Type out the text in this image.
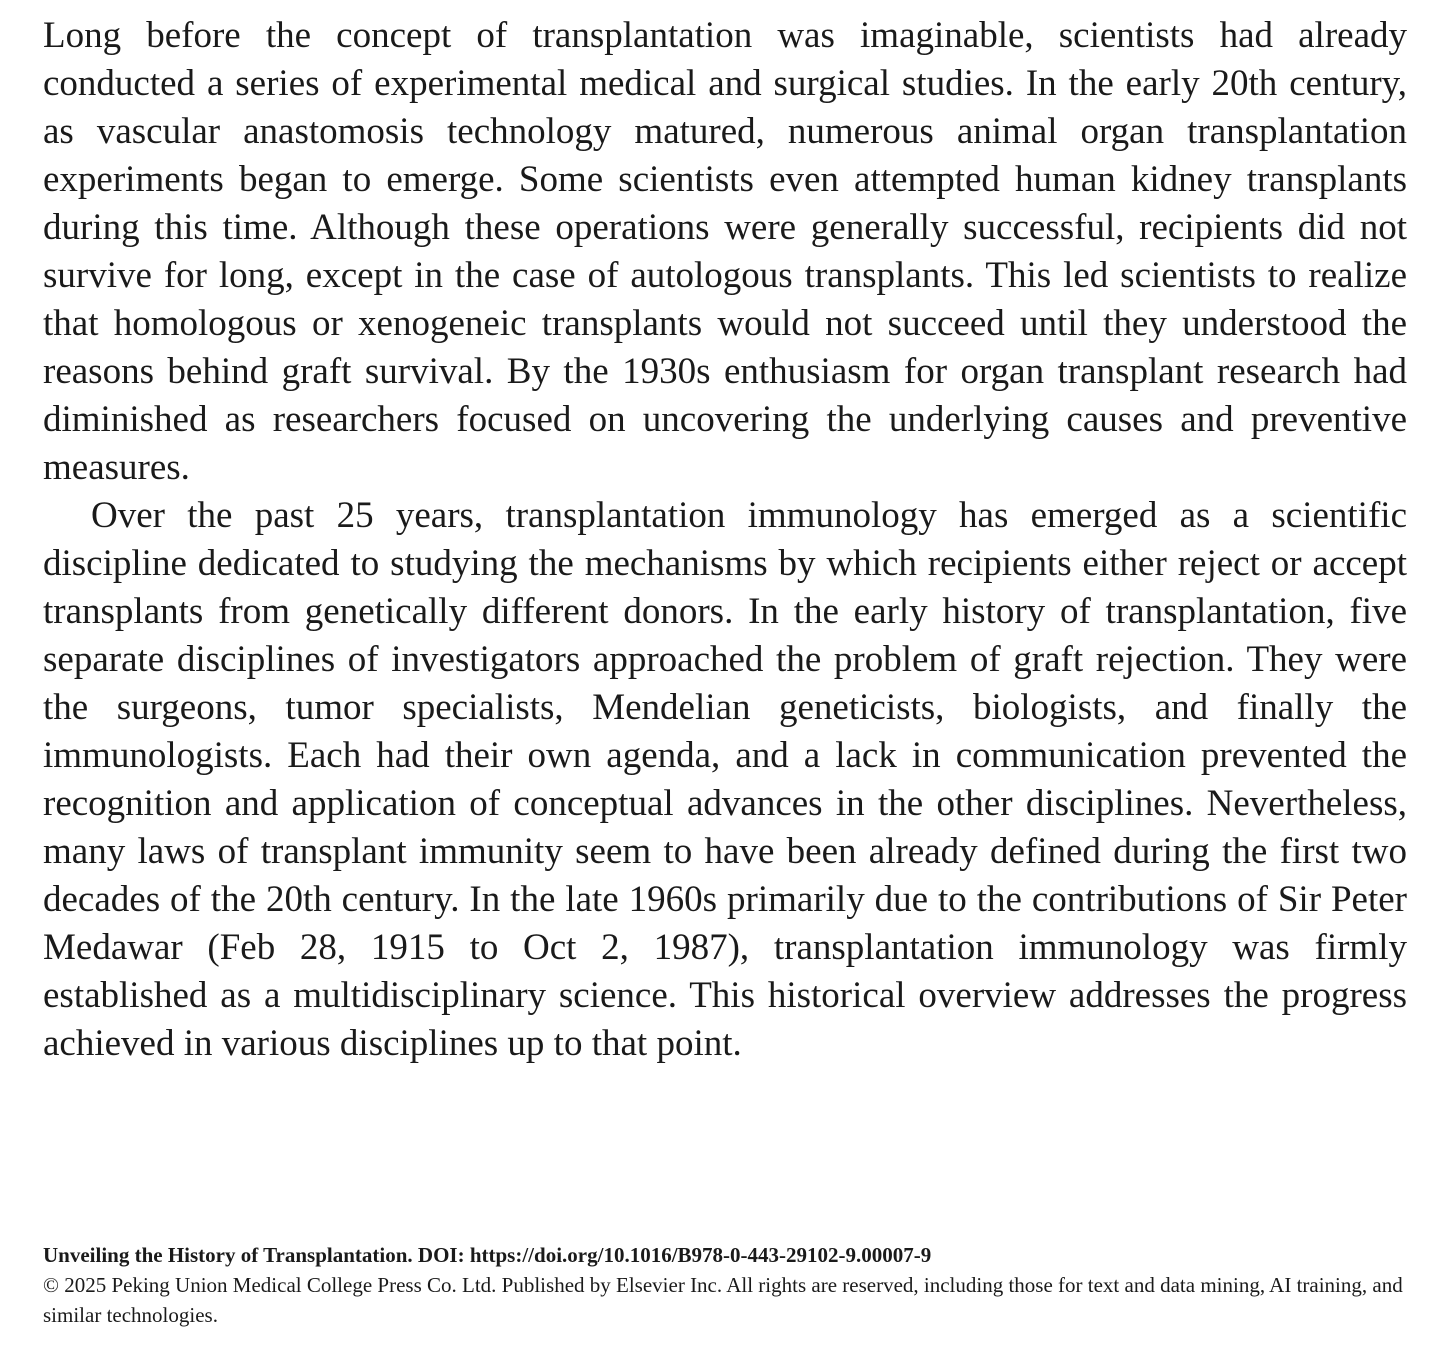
Long before the concept of transplantation was imaginable, scientists had already conducted a series of experimental medical and surgical studies. In the early 20th century, as vascular anastomosis technology matured, numerous animal organ transplantation experiments began to emerge. Some scientists even attempted human kidney transplants during this time. Although these operations were generally successful, recipients did not survive for long, except in the case of autologous transplants. This led scientists to realize that homologous or xenogeneic transplants would not succeed until they understood the reasons behind graft survival. By the 1930s enthusiasm for organ transplant research had diminished as researchers focused on uncovering the underlying causes and preventive measures.

Over the past 25 years, transplantation immunology has emerged as a scientific discipline dedicated to studying the mechanisms by which recipients either reject or accept transplants from genetically different donors. In the early history of transplantation, five separate disciplines of investigators approached the problem of graft rejection. They were the surgeons, tumor specialists, Mendelian geneticists, biologists, and finally the immunologists. Each had their own agenda, and a lack in communication prevented the recognition and application of conceptual advances in the other disciplines. Nevertheless, many laws of transplant immunity seem to have been already defined during the first two decades of the 20th century. In the late 1960s primarily due to the contributions of Sir Peter Medawar (Feb 28, 1915 to Oct 2, 1987), transplantation immunology was firmly established as a multidisciplinary science. This historical overview addresses the progress achieved in various disciplines up to that point.

Unveiling the History of Transplantation. DOI: https://doi.org/10.1016/B978-0-443-29102-9.00007-9

© 2025 Peking Union Medical College Press Co. Ltd. Published by Elsevier Inc. All rights are reserved, including those for text and data mining, AI training, and similar technologies.
